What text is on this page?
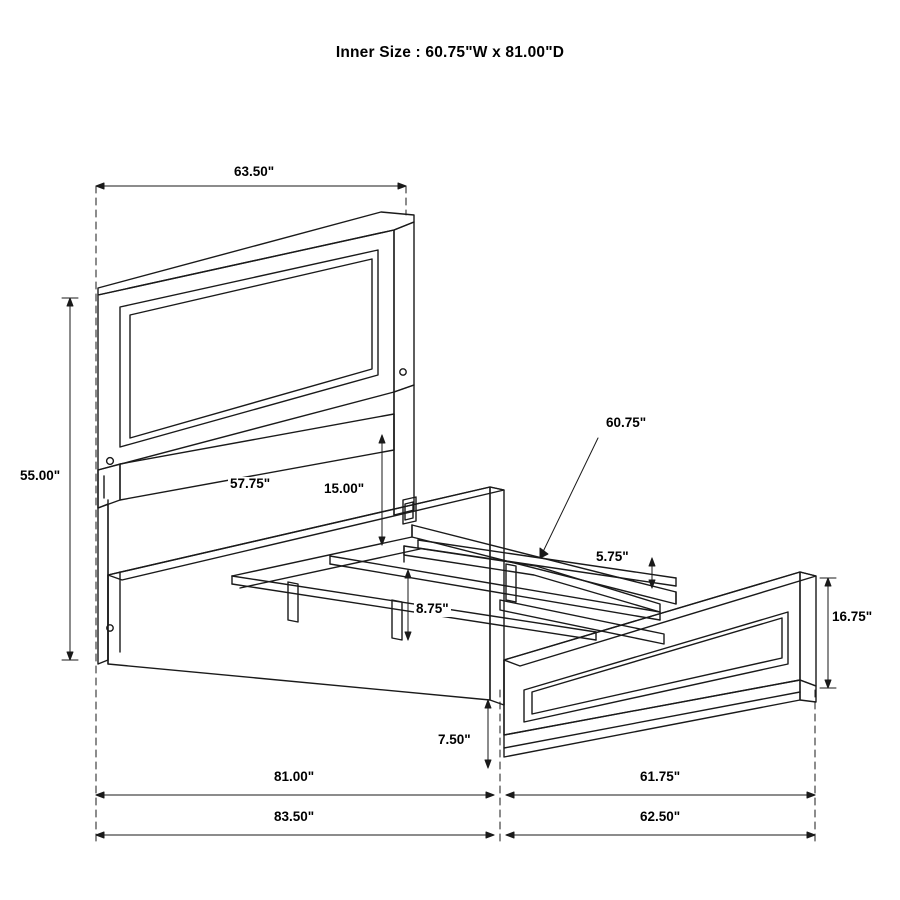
Inner Size : 60.75"W x 81.00"D
63.50"
55.00"
57.75"	15.00"
60.75"
5.75"
8.75"
16.75"
7.50"
81.00"	61.75"
83.50"	62.50"
